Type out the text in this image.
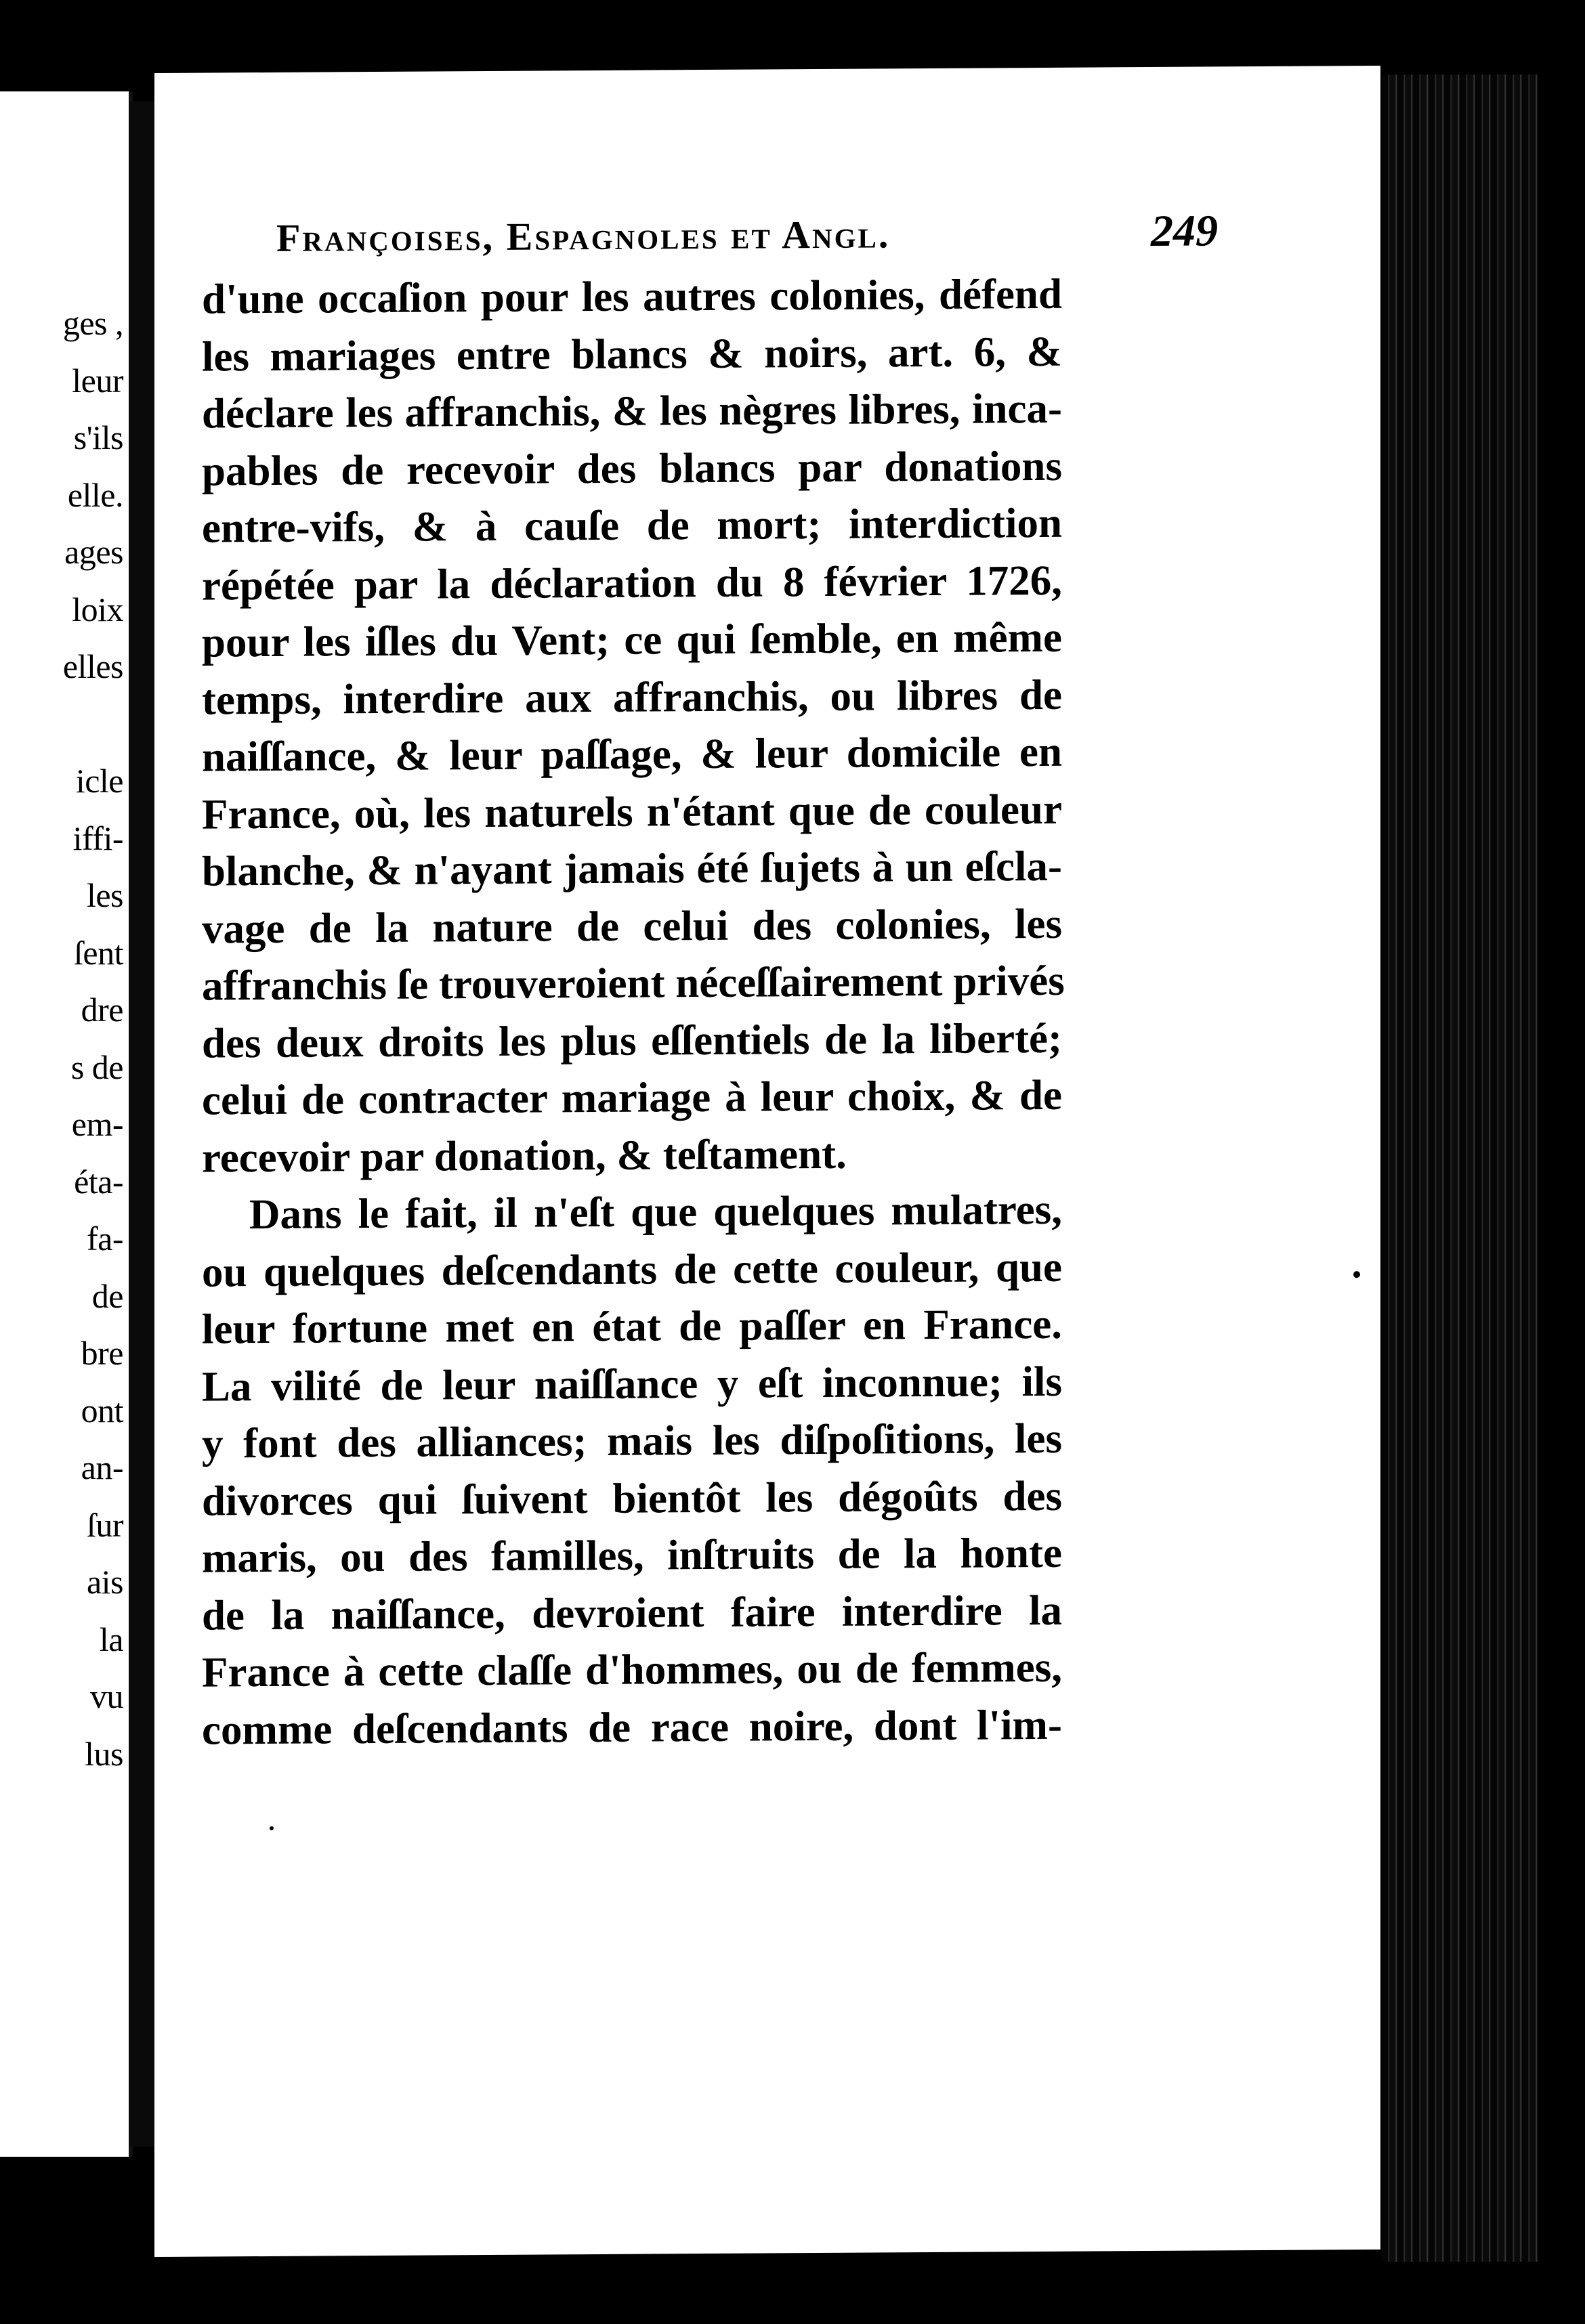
ges ,
leur
s'ils
elle.
ages
loix
elles
icle
iffi-
les
ſent
dre
s de
em-
éta-
fa-
de
bre
ont
an-
ſur
ais
la
vu
lus
Françoises, Espagnoles et Angl.	249
d'une occaſion pour les autres colonies, défend
les mariages entre blancs & noirs, art. 6, &
déclare les affranchis, & les nègres libres, inca-
pables de recevoir des blancs par donations
entre-vifs, & à cauſe de mort; interdiction
répétée par la déclaration du 8 février 1726,
pour les iſles du Vent; ce qui ſemble, en même
temps, interdire aux affranchis, ou libres de
naiſſance, & leur paſſage, & leur domicile en
France, où, les naturels n'étant que de couleur
blanche, & n'ayant jamais été ſujets à un eſcla-
vage de la nature de celui des colonies, les
affranchis ſe trouveroient néceſſairement privés
des deux droits les plus eſſentiels de la liberté;
celui de contracter mariage à leur choix, & de
recevoir par donation, & teſtament.
Dans le fait, il n'eſt que quelques mulatres,
ou quelques deſcendants de cette couleur, que
leur fortune met en état de paſſer en France.
La vilité de leur naiſſance y eſt inconnue; ils
y font des alliances; mais les diſpoſitions, les
divorces qui ſuivent bientôt les dégoûts des
maris, ou des familles, inſtruits de la honte
de la naiſſance, devroient faire interdire la
France à cette claſſe d'hommes, ou de femmes,
comme deſcendants de race noire, dont l'im-
